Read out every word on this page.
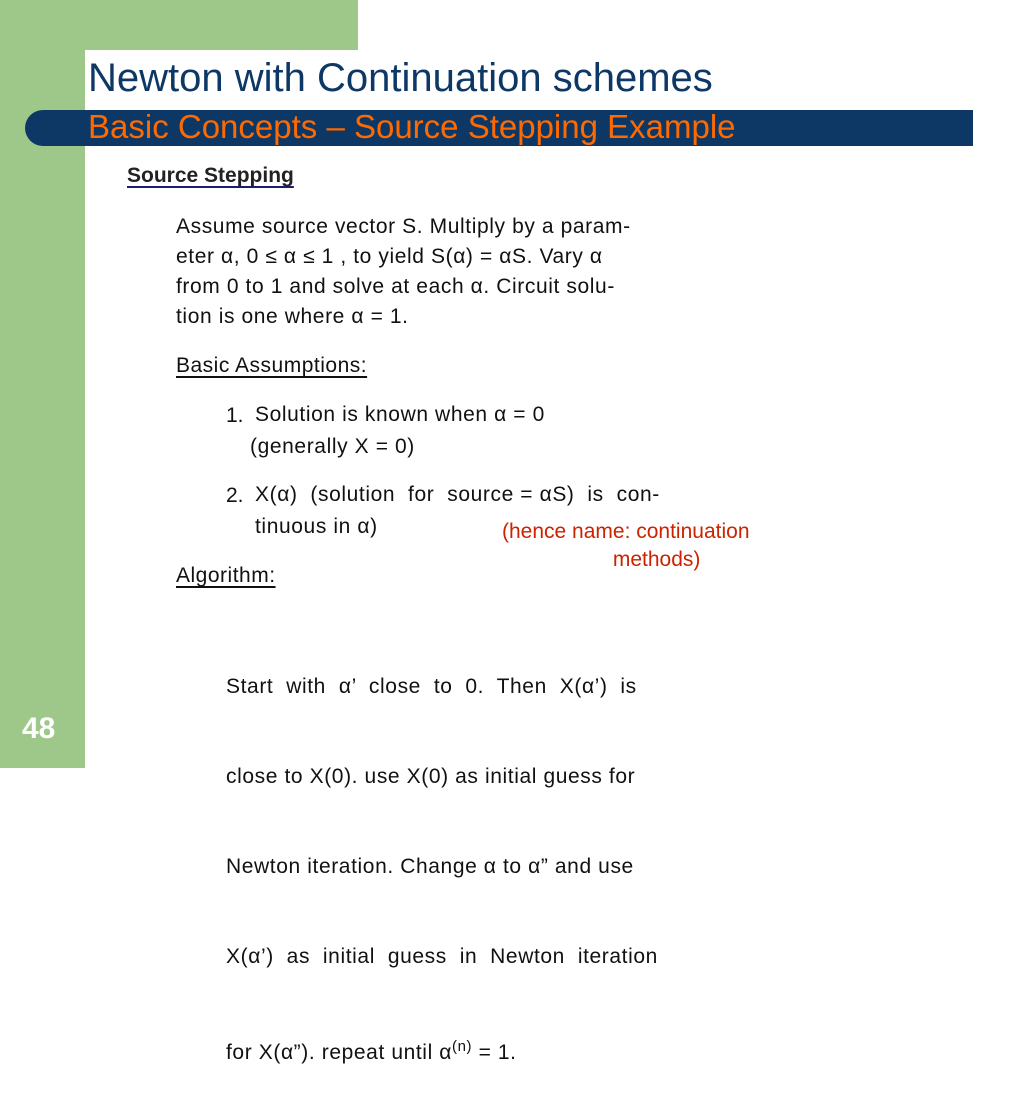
Newton with Continuation schemes
Basic Concepts – Source Stepping Example
48
Source Stepping
Assume source vector S. Multiply by a param-
eter α, 0 ≤ α ≤ 1 , to yield S(α) = αS. Vary α
from 0 to 1 and solve at each α. Circuit solu-
tion is one where α = 1.
Basic Assumptions:
1. Solution is known when α = 0
(generally X = 0)
2. X(α)  (solution  for  source = αS)  is  con-
tinuous in α)	(hence name: continuation
methods)
Algorithm:

Start  with  α’  close  to  0.  Then  X(α’)  is

close to X(0). use X(0) as initial guess for

Newton iteration. Change α to α” and use

X(α’)  as  initial  guess  in  Newton  iteration

for X(α”). repeat until $\alpha^{(n)} = 1$.
